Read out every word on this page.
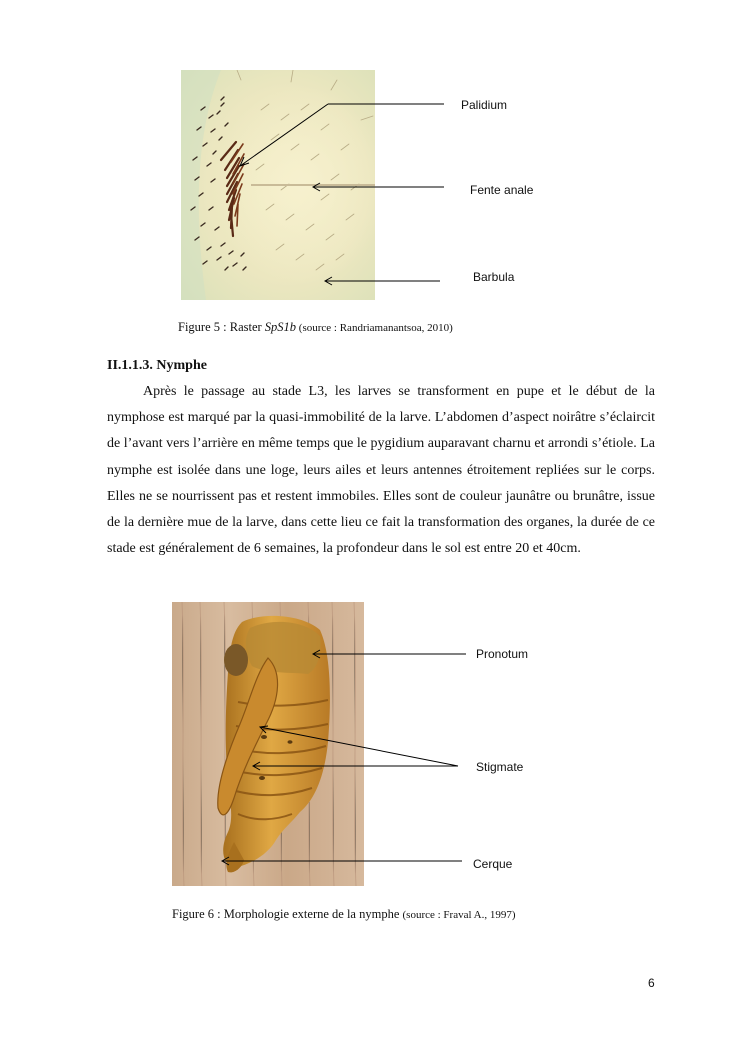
Palidium
Fente anale
Barbula
Figure 5 : Raster SpS1b (source : Randriamanantsoa, 2010)
II.1.1.3. Nymphe

Après le passage au stade L3, les larves se transforment en pupe et le début de la nymphose est marqué par la quasi-immobilité de la larve. L’abdomen d’aspect noirâtre s’éclaircit de l’avant vers l’arrière en même temps que le pygidium auparavant charnu et arrondi s’étiole. La nymphe est isolée dans une loge, leurs ailes et leurs antennes étroitement repliées sur le corps. Elles ne se nourrissent pas et restent immobiles. Elles sont de couleur jaunâtre ou brunâtre, issue de la dernière mue de la larve, dans cette lieu ce fait la transformation des organes, la durée de ce stade est généralement de 6 semaines, la profondeur dans le sol est entre 20 et 40cm.

Pronotum
Stigmate
Cerque
Figure 6 : Morphologie externe de la nymphe (source : Fraval A., 1997)
6
